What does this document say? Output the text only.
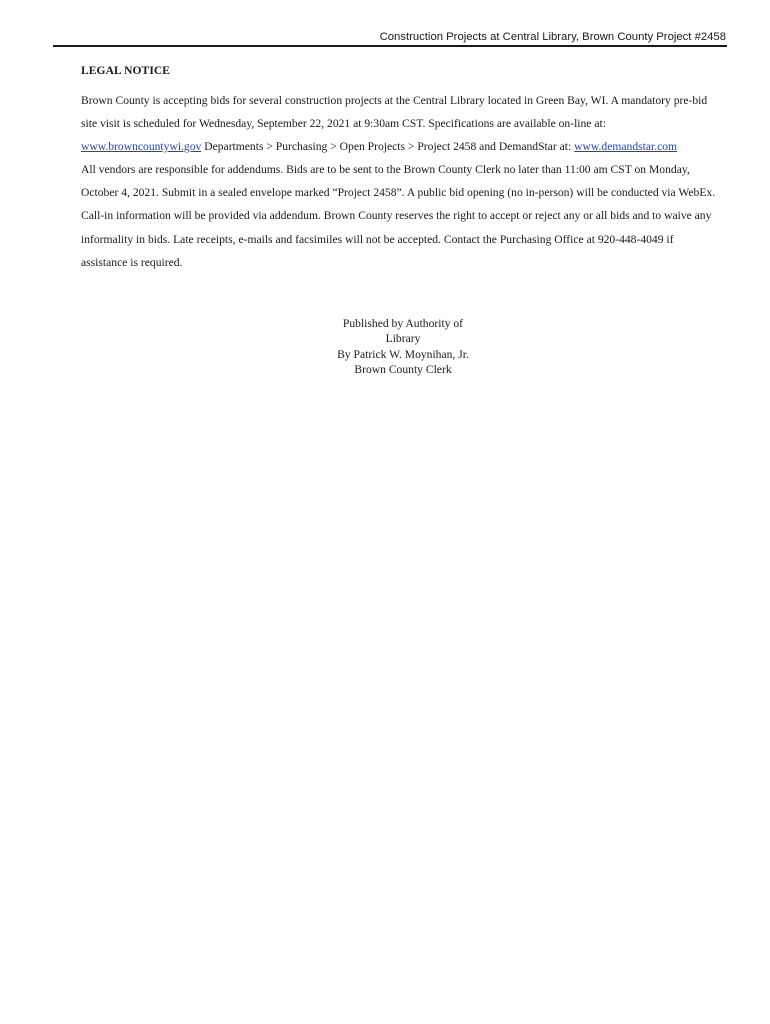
Construction Projects at Central Library, Brown County Project #2458
LEGAL NOTICE

Brown County is accepting bids for several construction projects at the Central Library located in Green Bay, WI. A mandatory pre-bid site visit is scheduled for Wednesday, September 22, 2021 at 9:30am CST. Specifications are available on-line at: www.browncountywi.gov Departments > Purchasing > Open Projects > Project 2458 and DemandStar at: www.demandstar.com

All vendors are responsible for addendums. Bids are to be sent to the Brown County Clerk no later than 11:00 am CST on Monday, October 4, 2021. Submit in a sealed envelope marked “Project 2458”. A public bid opening (no in-person) will be conducted via WebEx. Call-in information will be provided via addendum. Brown County reserves the right to accept or reject any or all bids and to waive any informality in bids. Late receipts, e-mails and facsimiles will not be accepted. Contact the Purchasing Office at 920-448-4049 if assistance is required.

Published by Authority of
Library
By Patrick W. Moynihan, Jr.
Brown County Clerk
